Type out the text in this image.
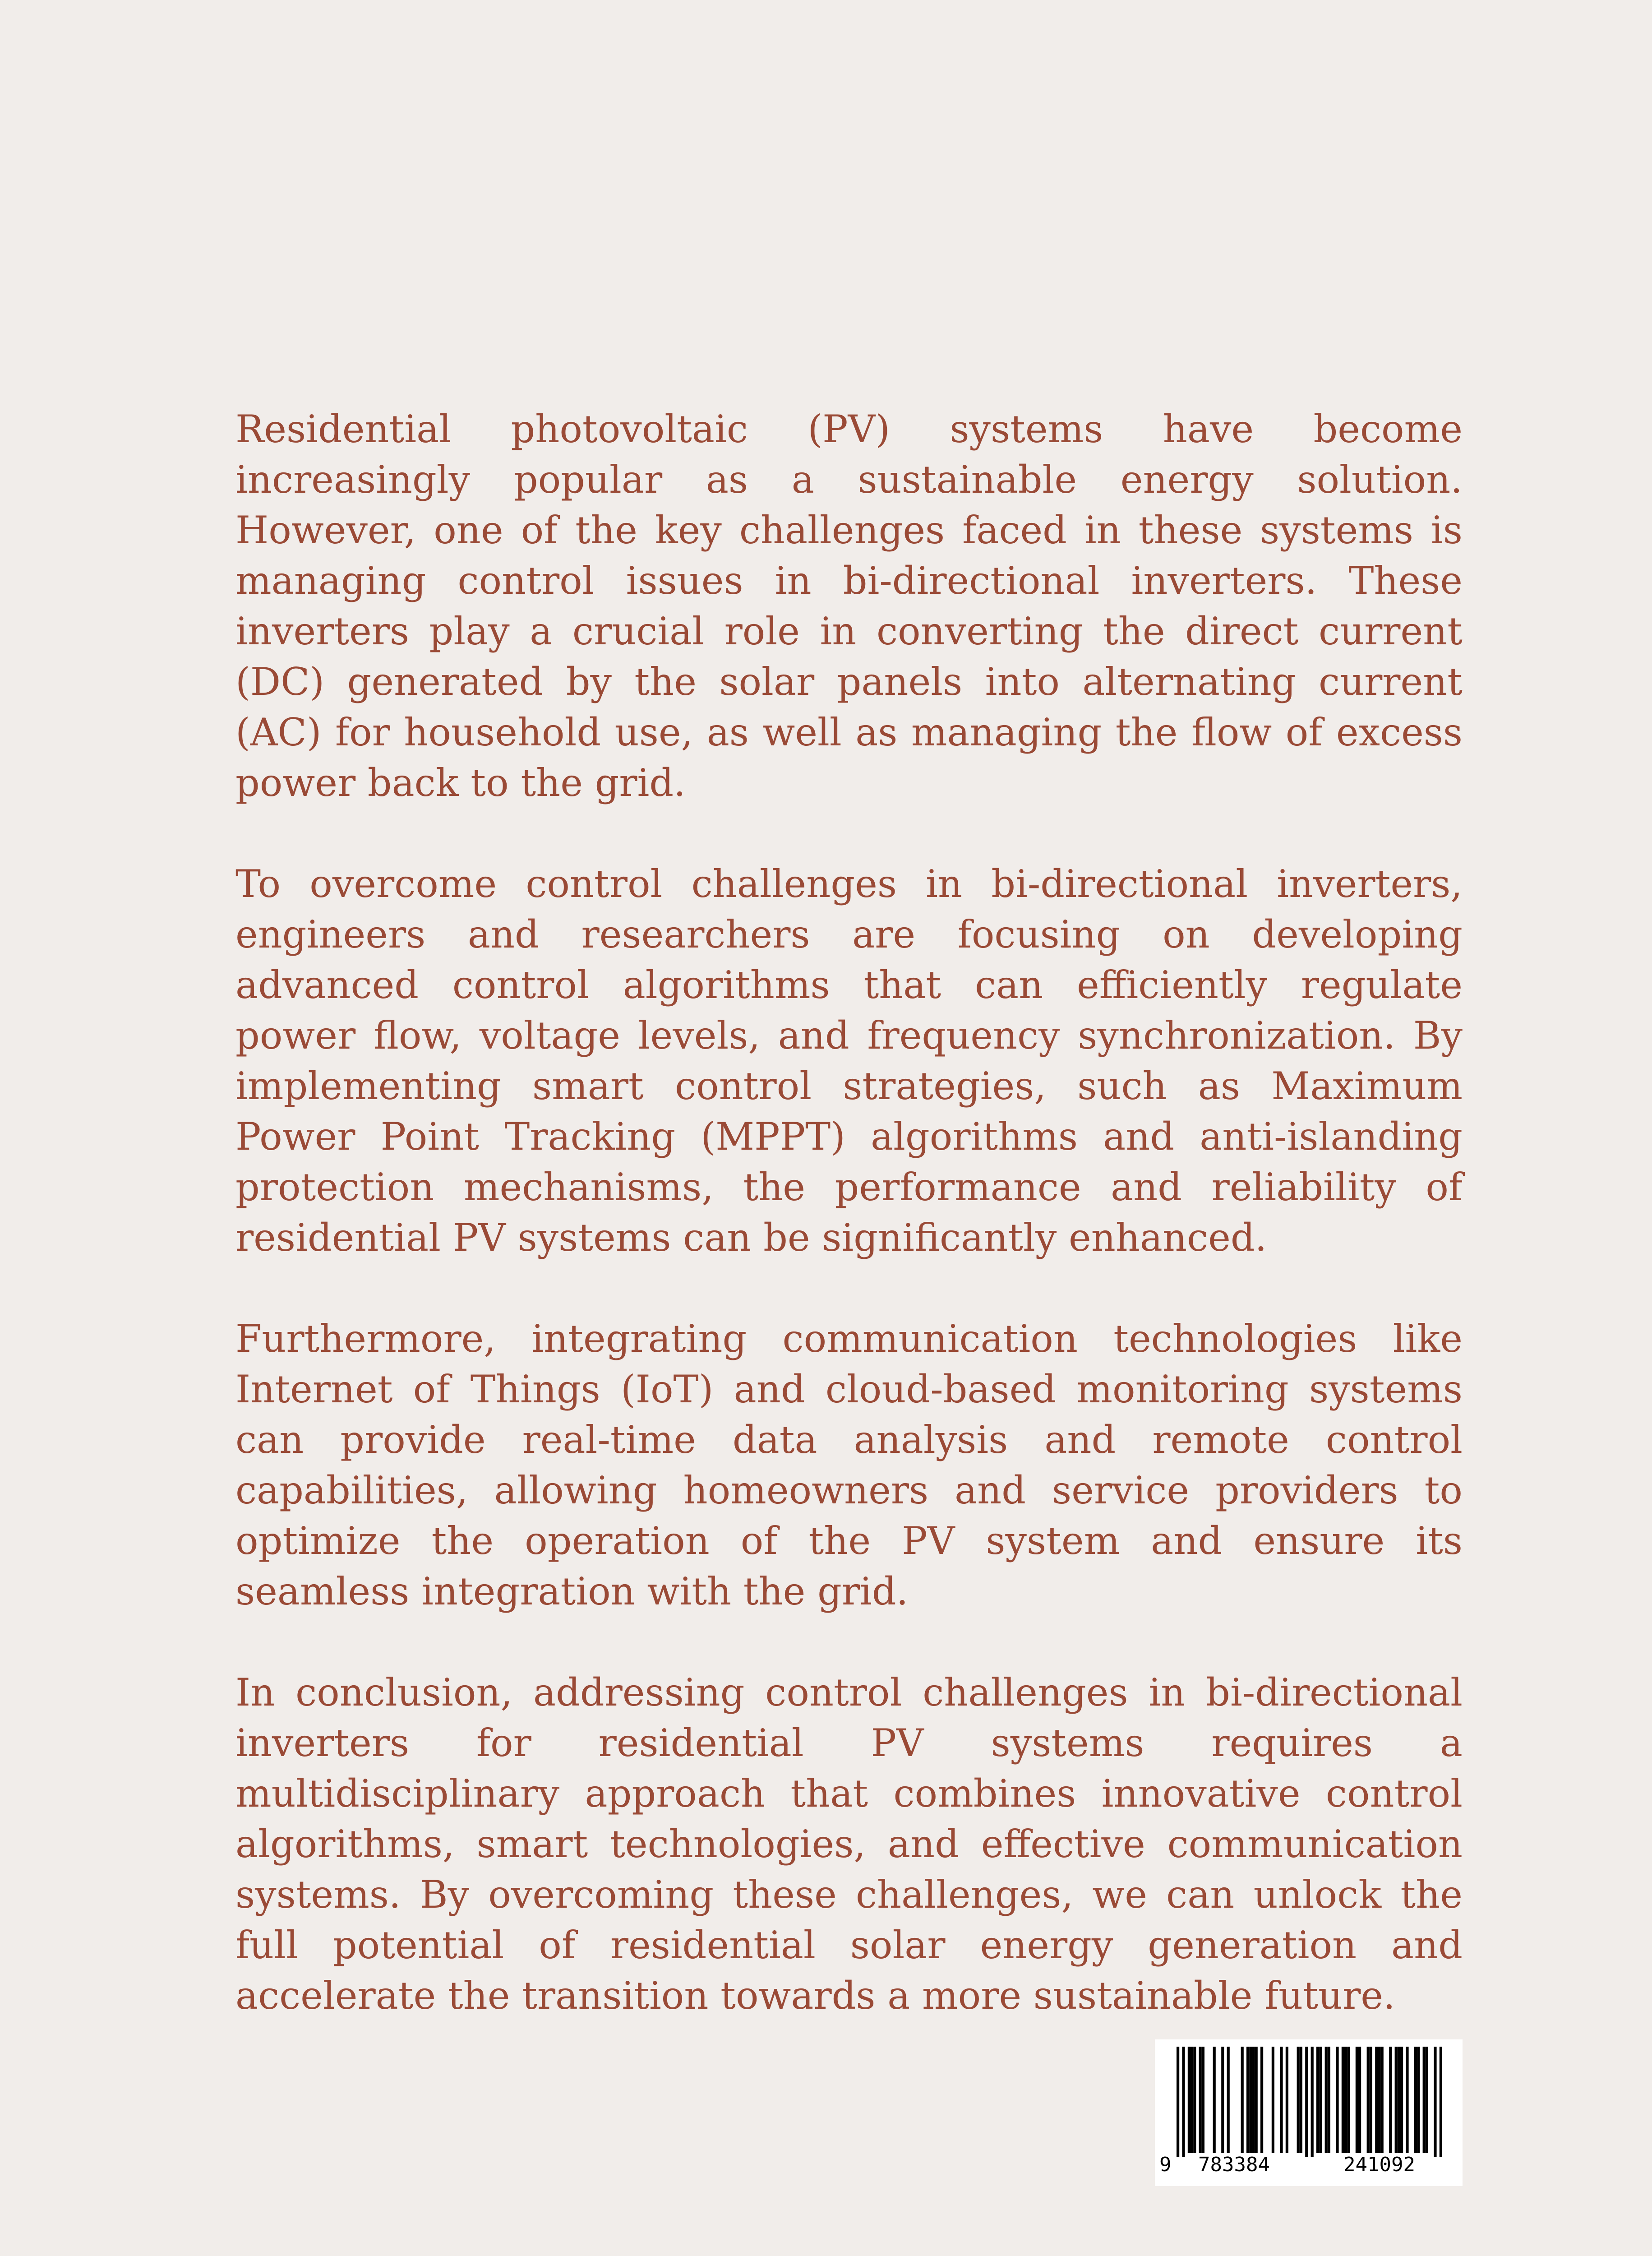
Residential photovoltaic (PV) systems have become increasingly popular as a sustainable energy solution. However, one of the key challenges faced in these systems is managing control issues in bi-directional inverters. These inverters play a crucial role in converting the direct current (DC) generated by the solar panels into alternating current (AC) for household use, as well as managing the flow of excess power back to the grid.

To overcome control challenges in bi-directional inverters, engineers and researchers are focusing on developing advanced control algorithms that can efficiently regulate power flow, voltage levels, and frequency synchronization. By implementing smart control strategies, such as Maximum Power Point Tracking (MPPT) algorithms and anti-islanding protection mechanisms, the performance and reliability of residential PV systems can be significantly enhanced.

Furthermore, integrating communication technologies like Internet of Things (IoT) and cloud-based monitoring systems can provide real-time data analysis and remote control capabilities, allowing homeowners and service providers to optimize the operation of the PV system and ensure its seamless integration with the grid.

In conclusion, addressing control challenges in bi-directional inverters for residential PV systems requires a multidisciplinary approach that combines innovative control algorithms, smart technologies, and effective communication systems. By overcoming these challenges, we can unlock the full potential of residential solar energy generation and accelerate the transition towards a more sustainable future.

9 783384	241092
